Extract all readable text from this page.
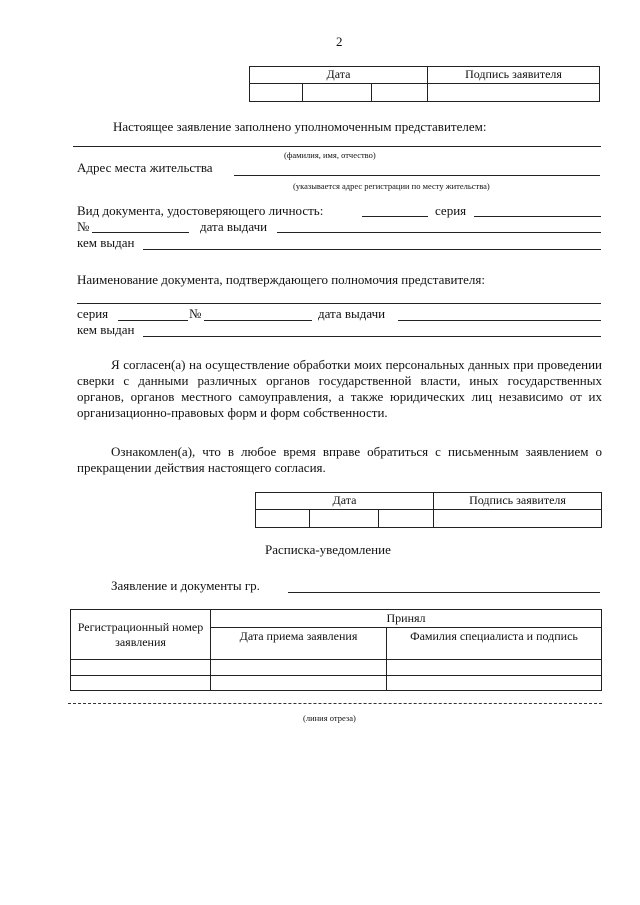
2
Дата			Подпись заявителя

Настоящее заявление заполнено уполномоченным представителем:
(фамилия, имя, отчество)
Адрес места жительства
(указывается адрес регистрации по месту жительства)
Вид документа, удостоверяющего личность:	серия
№	дата выдачи
кем выдан
Наименование документа, подтверждающего полномочия представителя:
серия	№	дата выдачи
кем выдан
Я согласен(а) на осуществление обработки моих персональных данных при проведении сверки с данными различных органов государственной власти, иных государственных органов, органов местного самоуправления, а также юридических лиц независимо от их организационно-правовых форм и форм собственности.
Ознакомлен(а), что в любое время вправе обратиться с письменным заявлением о прекращении действия настоящего согласия.
Дата			Подпись заявителя

Расписка-уведомление
Заявление и документы гр.
Регистрационный номер заявления	Принял	
	Дата приема заявления	Фамилия специалиста и подпись

(линия отреза)
